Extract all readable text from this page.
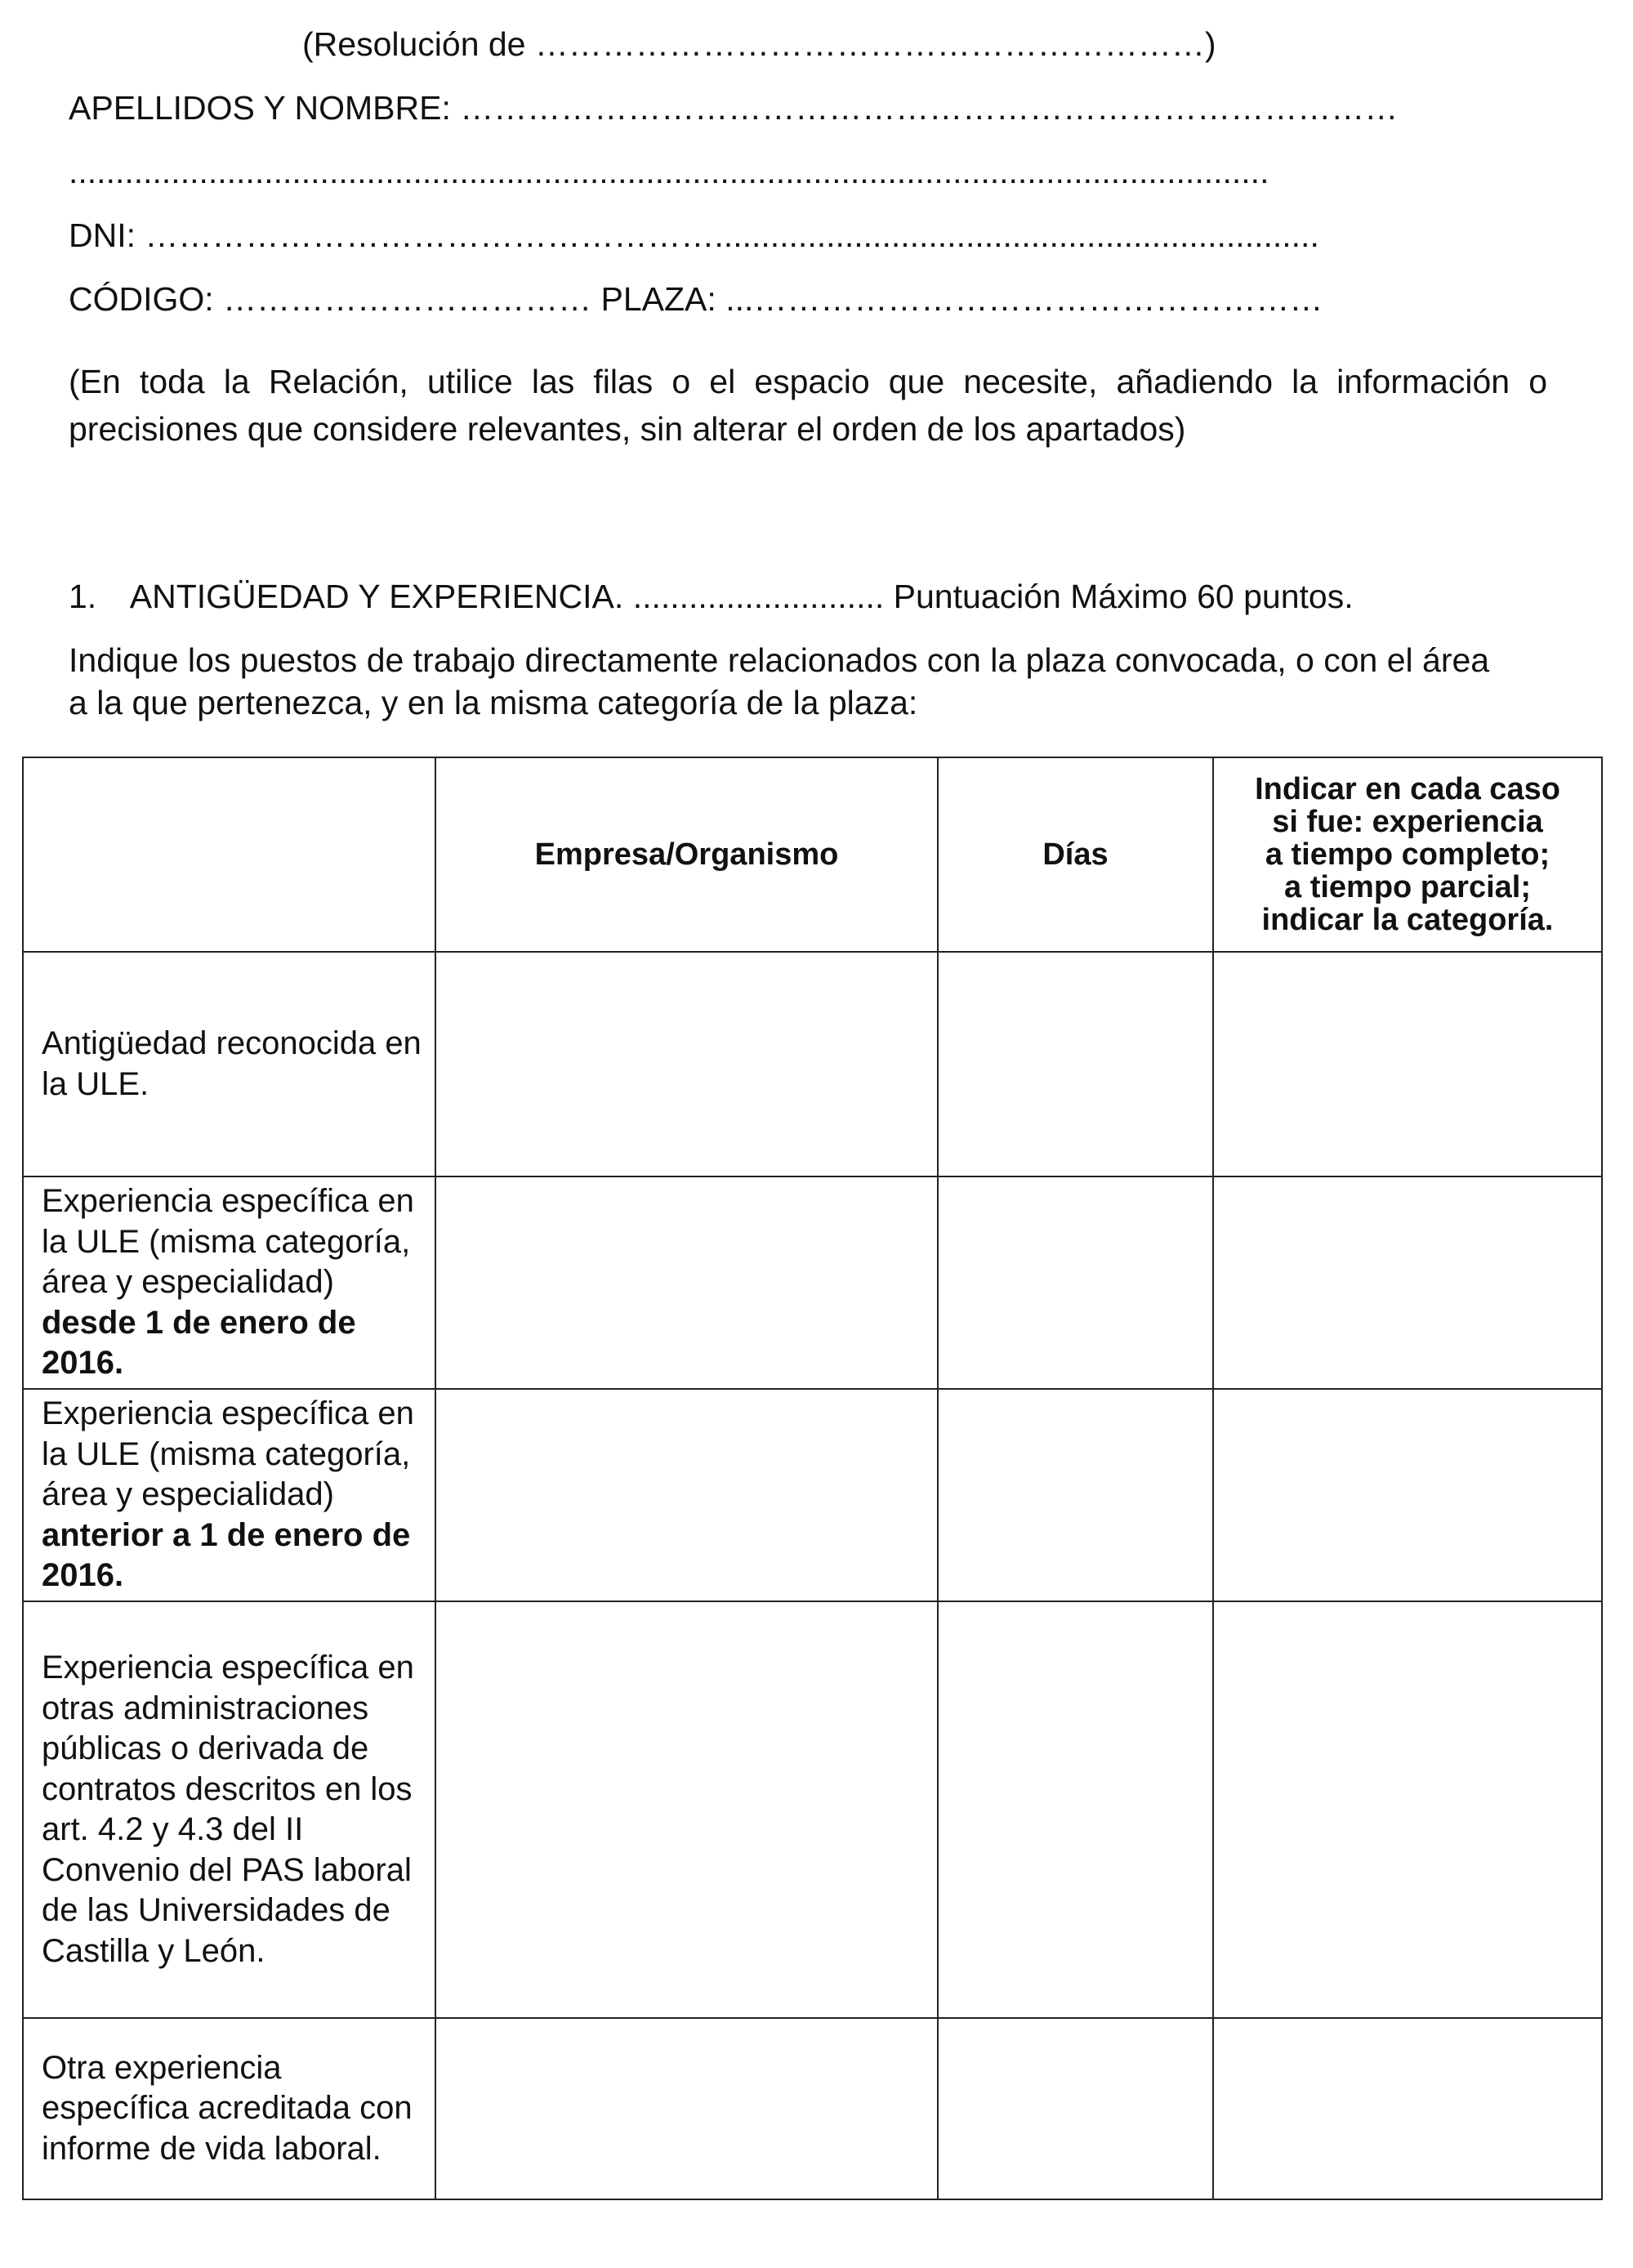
(Resolución de ……………………………………………………)
APELLIDOS Y NOMBRE: …………………………………………………………………………
.................................................................................................................................
DNI: …………………………………………….................................................................
CÓDIGO: …………………………… PLAZA: ...……………………………………………
(En toda la Relación, utilice las filas o el espacio que necesite, añadiendo la información o precisiones que considere relevantes, sin alterar el orden de los apartados)
1. ANTIGÜEDAD Y EXPERIENCIA. ........................... Puntuación Máximo 60 puntos.
Indique los puestos de trabajo directamente relacionados con la plaza convocada, o con el área
a la que pertenezca, y en la misma categoría de la plaza:
	Empresa/Organismo	Días	Indicar en cada caso
si fue: experiencia
a tiempo completo;
a tiempo parcial;
indicar la categoría.

Antigüedad reconocida en la ULE.			
Experiencia específica en la ULE (misma categoría, área y especialidad) desde 1 de enero de 2016.			
Experiencia específica en la ULE (misma categoría, área y especialidad) anterior a 1 de enero de 2016.			
Experiencia específica en otras administraciones públicas o derivada de contratos descritos en los art. 4.2 y 4.3 del II Convenio del PAS laboral de las Universidades de Castilla y León.			
Otra experiencia específica acreditada con informe de vida laboral.			
